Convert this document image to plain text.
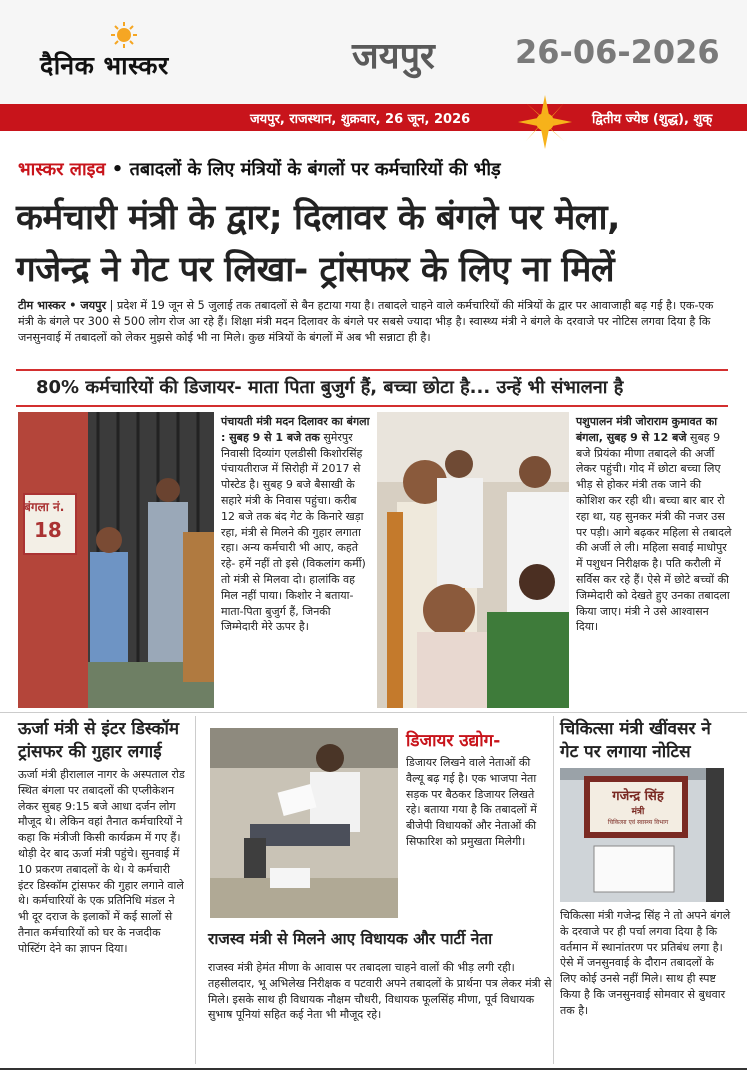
दैनिक भास्कर	जयपुर	26-06-2026
जयपुर, राजस्थान, शुक्रवार, 26 जून, 2026	द्वितीय ज्येष्ठ (शुद्ध), शुक्
भास्कर लाइव • तबादलों के लिए मंत्रियों के बंगलों पर कर्मचारियों की भीड़
कर्मचारी मंत्री के द्वार; दिलावर के बंगले पर मेला,
गजेन्द्र ने गेट पर लिखा- ट्रांसफर के लिए ना मिलें
टीम भास्कर • जयपुर | प्रदेश में 19 जून से 5 जुलाई तक तबादलों से बैन हटाया गया है। तबादले चाहने वाले कर्मचारियों की मंत्रियों के द्वार पर आवाजाही बढ़ गई है। एक-एक मंत्री के बंगले पर 300 से 500 लोग रोज आ रहे हैं। शिक्षा मंत्री मदन दिलावर के बंगले पर सबसे ज्यादा भीड़ है। स्वास्थ्य मंत्री ने बंगले के दरवाजे पर नोटिस लगवा दिया है कि जनसुनवाई में तबादलों को लेकर मुझसे कोई भी ना मिले। कुछ मंत्रियों के बंगलों में अब भी सन्नाटा ही है।
80% कर्मचारियों की डिजायर- माता पिता बुजुर्ग हैं, बच्चा छोटा है... उन्हें भी संभालना है
बंगला नं.
18
पंचायती मंत्री मदन दिलावर का बंगला : सुबह 9 से 1 बजे तक सुमेरपुर निवासी दिव्यांग एलडीसी किशोरसिंह पंचायतीराज में सिरोही में 2017 से पोस्टेड है। सुबह 9 बजे बैसाखी के सहारे मंत्री के निवास पहुंचा। करीब 12 बजे तक बंद गेट के किनारे खड़ा रहा, मंत्री से मिलने की गुहार लगाता रहा। अन्य कर्मचारी भी आए, कहते रहे- हमें नहीं तो इसे (विकलांग कर्मी) तो मंत्री से मिलवा दो। हालांकि वह मिल नहीं पाया। किशोर ने बताया- माता-पिता बुजुर्ग हैं, जिनकी जिम्मेदारी मेरे ऊपर है।
पशुपालन मंत्री जोराराम कुमावत का बंगला, सुबह 9 से 12 बजे सुबह 9 बजे प्रियंका मीणा तबादले की अर्जी लेकर पहुंची। गोद में छोटा बच्चा लिए भीड़ से होकर मंत्री तक जाने की कोशिश कर रही थी। बच्चा बार बार रो रहा था, यह सुनकर मंत्री की नजर उस पर पड़ी। आगे बढ़कर महिला से तबादले की अर्जी ले ली। महिला सवाई माधोपुर में पशुधन निरीक्षक है। पति करौली में सर्विस कर रहे हैं। ऐसे में छोटे बच्चों की जिम्मेदारी को देखते हुए उनका तबादला किया जाए। मंत्री ने उसे आश्वासन दिया।
ऊर्जा मंत्री से इंटर डिस्कॉम ट्रांसफर की गुहार लगाई
ऊर्जा मंत्री हीरालाल नागर के अस्पताल रोड स्थित बंगला पर तबादलों की एप्लीकेशन लेकर सुबह 9:15 बजे आधा दर्जन लोग मौजूद थे। लेकिन वहां तैनात कर्मचारियों ने कहा कि मंत्रीजी किसी कार्यक्रम में गए हैं। थोड़ी देर बाद ऊर्जा मंत्री पहुंचे। सुनवाई में 10 प्रकरण तबादलों के थे। ये कर्मचारी इंटर डिस्कॉम ट्रांसफर की गुहार लगाने वाले थे। कर्मचारियों के एक प्रतिनिधि मंडल ने भी दूर दराज के इलाकों में कई सालों से तैनात कर्मचारियों को घर के नजदीक पोस्टिंग देने का ज्ञापन दिया।
डिजायर उद्योग-
डिजायर लिखने वाले नेताओं की वैल्यू बढ़ गई है। एक भाजपा नेता सड़क पर बैठकर डिजायर लिखते रहे। बताया गया है कि तबादलों में बीजेपी विधायकों और नेताओं की सिफारिश को प्रमुखता मिलेगी।
राजस्व मंत्री से मिलने आए विधायक और पार्टी नेता
राजस्व मंत्री हेमंत मीणा के आवास पर तबादला चाहने वालों की भीड़ लगी रही। तहसीलदार, भू अभिलेख निरीक्षक व पटवारी अपने तबादलों के प्रार्थना पत्र लेकर मंत्री से मिले। इसके साथ ही विधायक नौक्षम चौधरी, विधायक फूलसिंह मीणा, पूर्व विधायक सुभाष पूनियां सहित कई नेता भी मौजूद रहे।
चिकित्सा मंत्री खींवसर ने गेट पर लगाया नोटिस
गजेन्द्र सिंह
मंत्री
चिकित्सा एवं स्वास्थ्य विभाग
चिकित्सा मंत्री गजेन्द्र सिंह ने तो अपने बंगले के दरवाजे पर ही पर्चा लगवा दिया है कि वर्तमान में स्थानांतरण पर प्रतिबंध लगा है। ऐसे में जनसुनवाई के दौरान तबादलों के लिए कोई उनसे नहीं मिले। साथ ही स्पष्ट किया है कि जनसुनवाई सोमवार से बुधवार तक है।
